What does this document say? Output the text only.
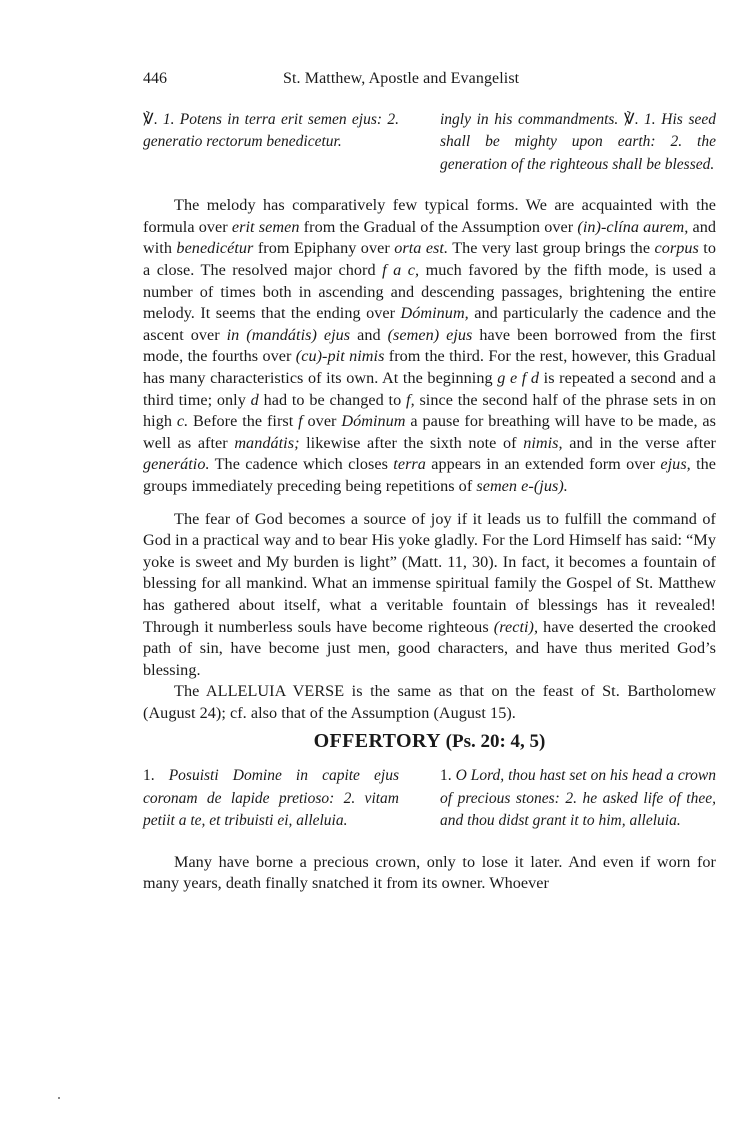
446	St. Matthew, Apostle and Evangelist
℣. 1. Potens in terra erit semen ejus: 2. generatio rectorum benedicetur.
ingly in his commandments. ℣. 1. His seed shall be mighty upon earth: 2. the generation of the righteous shall be blessed.

The melody has comparatively few typical forms. We are acquainted with the formula over erit semen from the Gradual of the Assumption over (in)-clína aurem, and with benedicétur from Epiphany over orta est. The very last group brings the corpus to a close. The resolved major chord f a c, much favored by the fifth mode, is used a number of times both in ascending and descending passages, brightening the entire melody. It seems that the ending over Dóminum, and particularly the cadence and the ascent over in (mandátis) ejus and (semen) ejus have been borrowed from the first mode, the fourths over (cu)-pit nimis from the third. For the rest, however, this Gradual has many characteristics of its own. At the beginning g e f d is repeated a second and a third time; only d had to be changed to f, since the second half of the phrase sets in on high c. Before the first f over Dóminum a pause for breathing will have to be made, as well as after mandátis; likewise after the sixth note of nimis, and in the verse after generátio. The cadence which closes terra appears in an extended form over ejus, the groups immediately preceding being repetitions of semen e-(jus).

The fear of God becomes a source of joy if it leads us to fulfill the command of God in a practical way and to bear His yoke gladly. For the Lord Himself has said: “My yoke is sweet and My burden is light” (Matt. 11, 30). In fact, it becomes a fountain of blessing for all mankind. What an immense spiritual family the Gospel of St. Matthew has gathered about itself, what a veritable fountain of blessings has it revealed! Through it numberless souls have become righteous (recti), have deserted the crooked path of sin, have become just men, good characters, and have thus merited God’s blessing.

The ALLELUIA VERSE is the same as that on the feast of St. Bartholomew (August 24); cf. also that of the Assumption (August 15).

OFFERTORY (Ps. 20: 4, 5)
1. Posuisti Domine in capite ejus coronam de lapide pretioso: 2. vitam petiit a te, et tribuisti ei, alleluia.
1. O Lord, thou hast set on his head a crown of precious stones: 2. he asked life of thee, and thou didst grant it to him, alleluia.

Many have borne a precious crown, only to lose it later. And even if worn for many years, death finally snatched it from its owner. Whoever
